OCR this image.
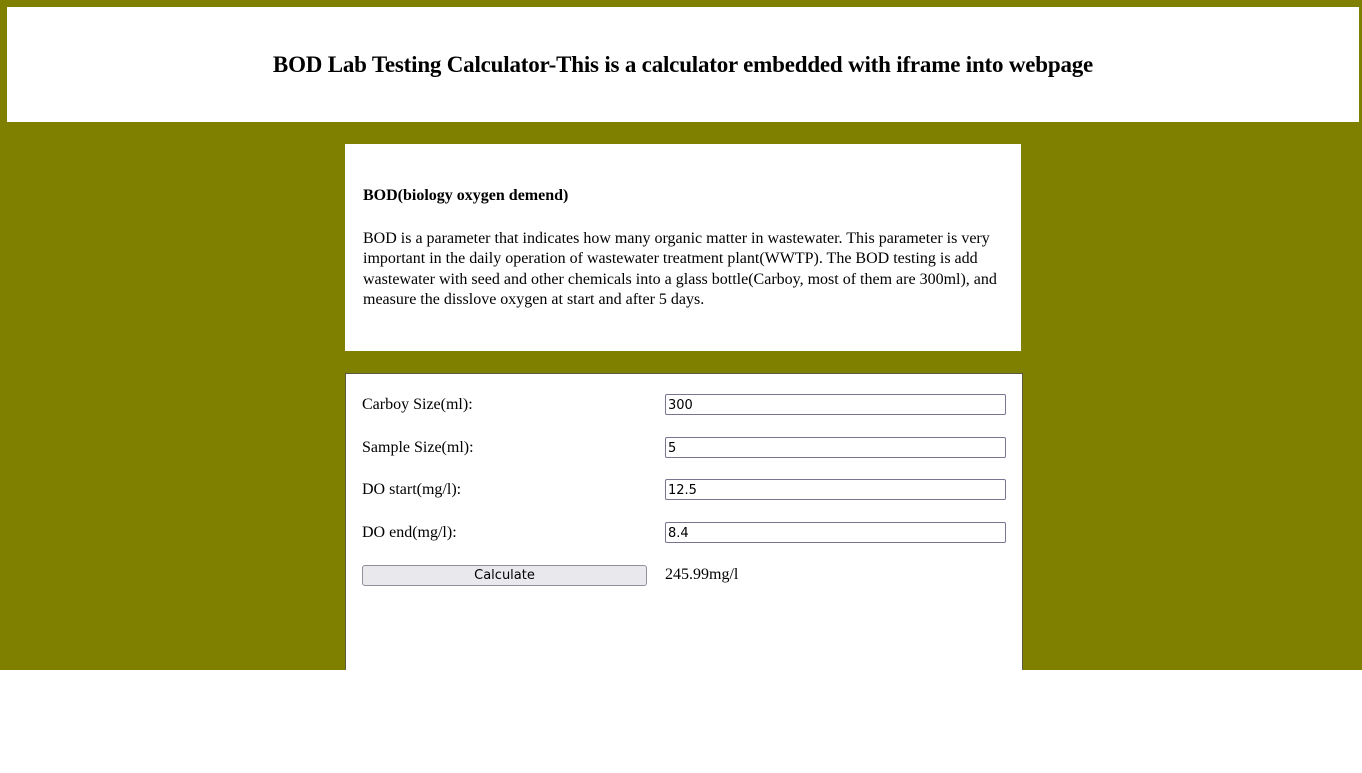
BOD Lab Testing Calculator-This is a calculator embedded with iframe into webpage

BOD(biology oxygen demend)

BOD is a parameter that indicates how many organic matter in wastewater. This parameter is very important in the daily operation of wastewater treatment plant(WWTP). The BOD testing is add wastewater with seed and other chemicals into a glass bottle(Carboy, most of them are 300ml), and measure the disslove oxygen at start and after 5 days.

Carboy Size(ml):
300
Sample Size(ml):
5
DO start(mg/l):
12.5
DO end(mg/l):
8.4
Calculate	245.99mg/l
